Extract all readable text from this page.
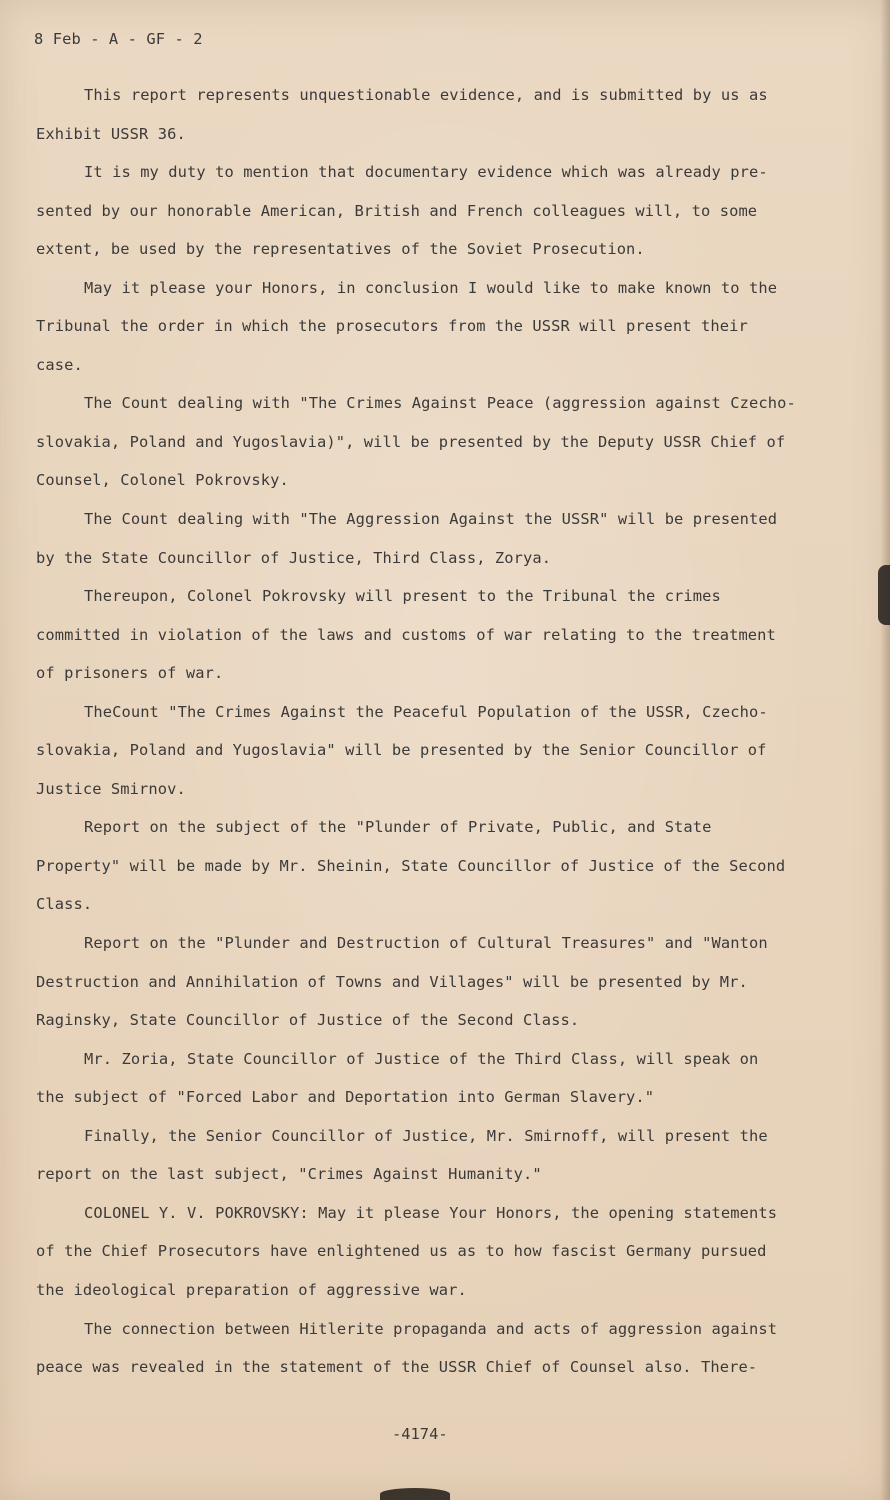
8 Feb - A - GF - 2
This report represents unquestionable evidence, and is submitted by us as
Exhibit USSR 36.
It is my duty to mention that documentary evidence which was already pre-
sented by our honorable American, British and French colleagues will, to some
extent, be used by the representatives of the Soviet Prosecution.
May it please your Honors, in conclusion I would like to make known to the
Tribunal the order in which the prosecutors from the USSR will present their
case.
The Count dealing with "The Crimes Against Peace (aggression against Czecho-
slovakia, Poland and Yugoslavia)", will be presented by the Deputy USSR Chief of
Counsel, Colonel Pokrovsky.
The Count dealing with "The Aggression Against the USSR" will be presented
by the State Councillor of Justice, Third Class, Zorya.
Thereupon, Colonel Pokrovsky will present to the Tribunal the crimes
committed in violation of the laws and customs of war relating to the treatment
of prisoners of war.
TheCount "The Crimes Against the Peaceful Population of the USSR, Czecho-
slovakia, Poland and Yugoslavia" will be presented by the Senior Councillor of
Justice Smirnov.
Report on the subject of the "Plunder of Private, Public, and State
Property" will be made by Mr. Sheinin, State Councillor of Justice of the Second
Class.
Report on the "Plunder and Destruction of Cultural Treasures" and "Wanton
Destruction and Annihilation of Towns and Villages" will be presented by Mr.
Raginsky, State Councillor of Justice of the Second Class.
Mr. Zoria, State Councillor of Justice of the Third Class, will speak on
the subject of "Forced Labor and Deportation into German Slavery."
Finally, the Senior Councillor of Justice, Mr. Smirnoff, will present the
report on the last subject, "Crimes Against Humanity."
COLONEL Y. V. POKROVSKY: May it please Your Honors, the opening statements
of the Chief Prosecutors have enlightened us as to how fascist Germany pursued
the ideological preparation of aggressive war.
The connection between Hitlerite propaganda and acts of aggression against
peace was revealed in the statement of the USSR Chief of Counsel also. There-
-4174-
